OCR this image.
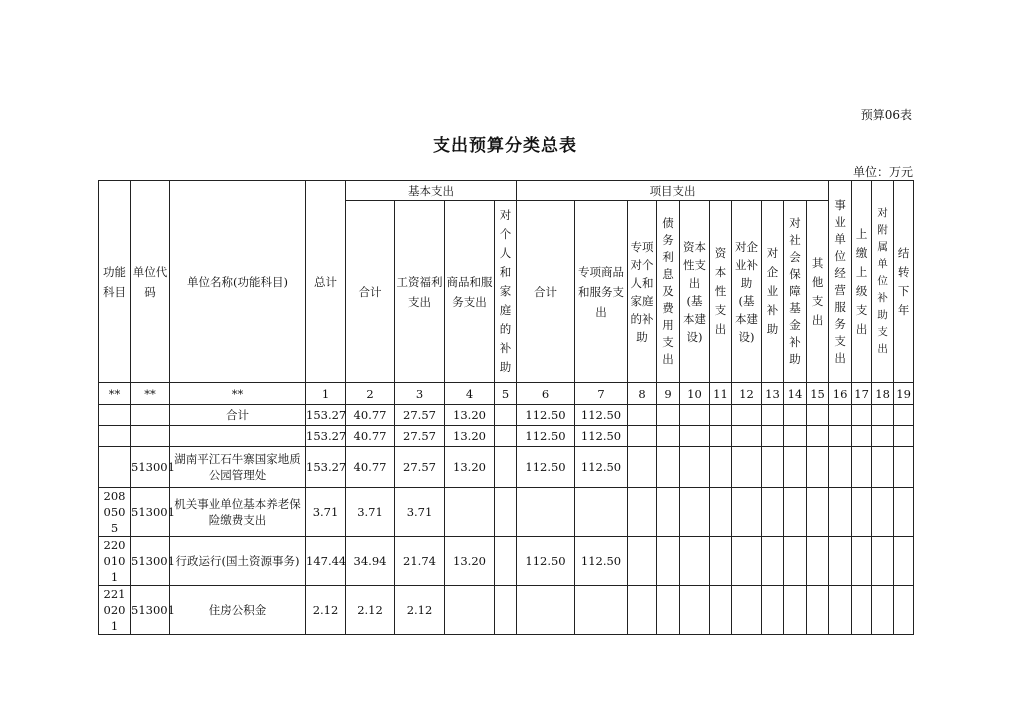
预算06表
支出预算分类总表
单位：万元
功能科目	单位代码	单位名称(功能科目)	总计	基本支出				项目支出										事业单位经营服务支出	上缴上级支出	对附属单位补助支出	结转下年
				合计	工资福利支出	商品和服务支出	对个人和家庭的补助	合计	专项商品和服务支出	专项对个人和家庭的补助	债务利息及费用支出	资本性支出(基本建设)	资本性支出	对企业补助(基本建设)	对企业补助	对社会保障基金补助	其他支出				
**	**	**	1	2	3	4	5	6	7	8	9	10	11	12	13	14	15	16	17	18	19
		合计	153.27	40.77	27.57	13.20		112.50	112.50												
			153.27	40.77	27.57	13.20		112.50	112.50												
	513001	湖南平江石牛寨国家地质公园管理处	153.27	40.77	27.57	13.20		112.50	112.50												
2080505	513001	机关事业单位基本养老保险缴费支出	3.71	3.71	3.71																
2200101	513001	行政运行(国土资源事务)	147.44	34.94	21.74	13.20		112.50	112.50												
2210201	513001	住房公积金	2.12	2.12	2.12																
